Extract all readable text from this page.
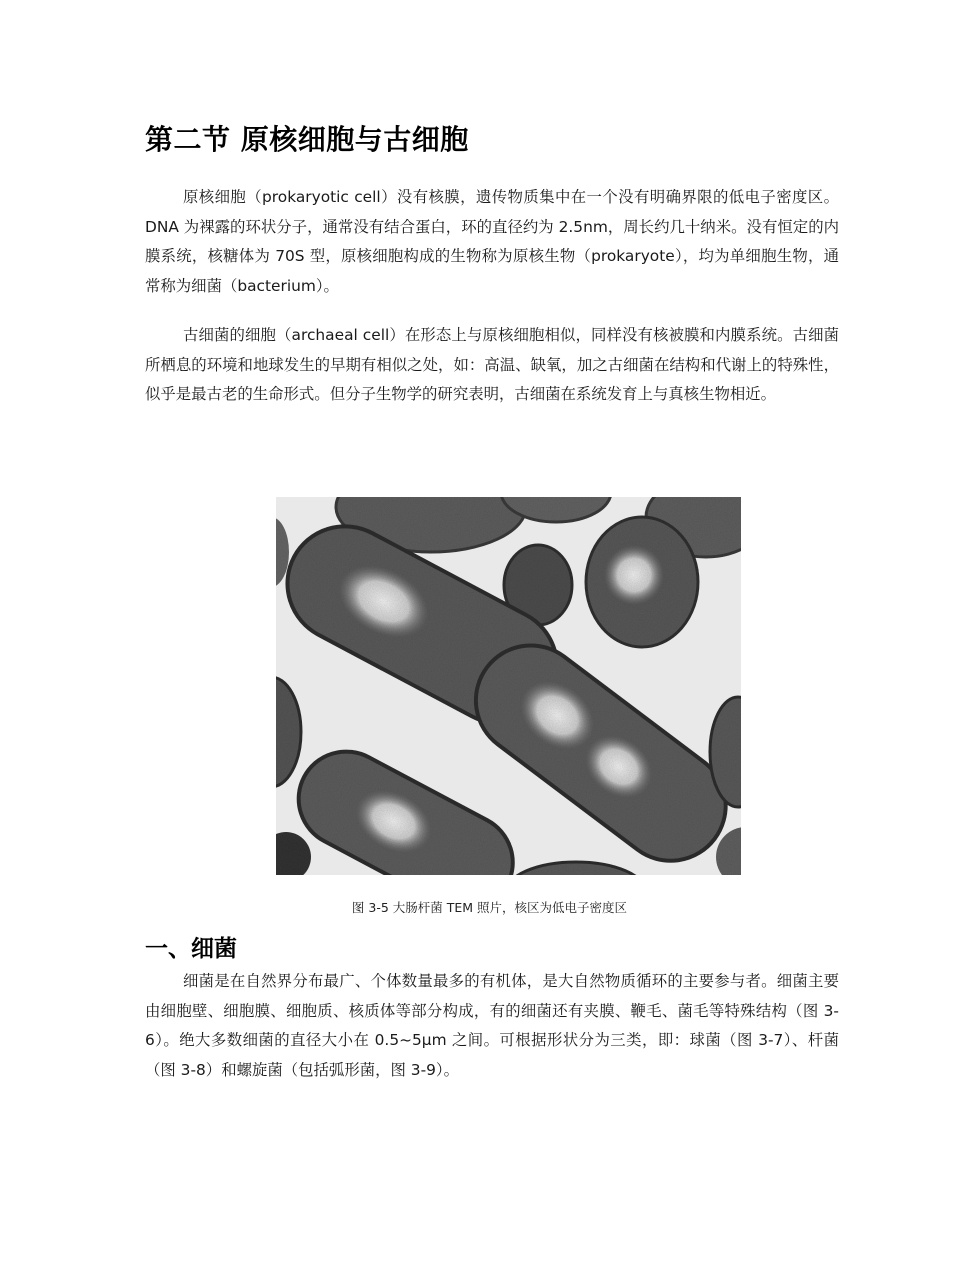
第二节 原核细胞与古细胞

原核细胞（prokaryotic cell）没有核膜，遗传物质集中在一个没有明确界限的低电子密度区。DNA 为裸露的环状分子，通常没有结合蛋白，环的直径约为 2.5nm，周长约几十纳米。没有恒定的内膜系统，核糖体为 70S 型，原核细胞构成的生物称为原核生物（prokaryote），均为单细胞生物，通常称为细菌（bacterium）。

古细菌的细胞（archaeal cell）在形态上与原核细胞相似，同样没有核被膜和内膜系统。古细菌所栖息的环境和地球发生的早期有相似之处，如：高温、缺氧，加之古细菌在结构和代谢上的特殊性，似乎是最古老的生命形式。但分子生物学的研究表明，古细菌在系统发育上与真核生物相近。

图 3-5 大肠杆菌 TEM 照片，核区为低电子密度区

一、细菌

细菌是在自然界分布最广、个体数量最多的有机体，是大自然物质循环的主要参与者。细菌主要由细胞壁、细胞膜、细胞质、核质体等部分构成，有的细菌还有夹膜、鞭毛、菌毛等特殊结构（图 3-6）。绝大多数细菌的直径大小在 0.5~5μm 之间。可根据形状分为三类，即：球菌（图 3-7）、杆菌（图 3-8）和螺旋菌（包括弧形菌，图 3-9）。
